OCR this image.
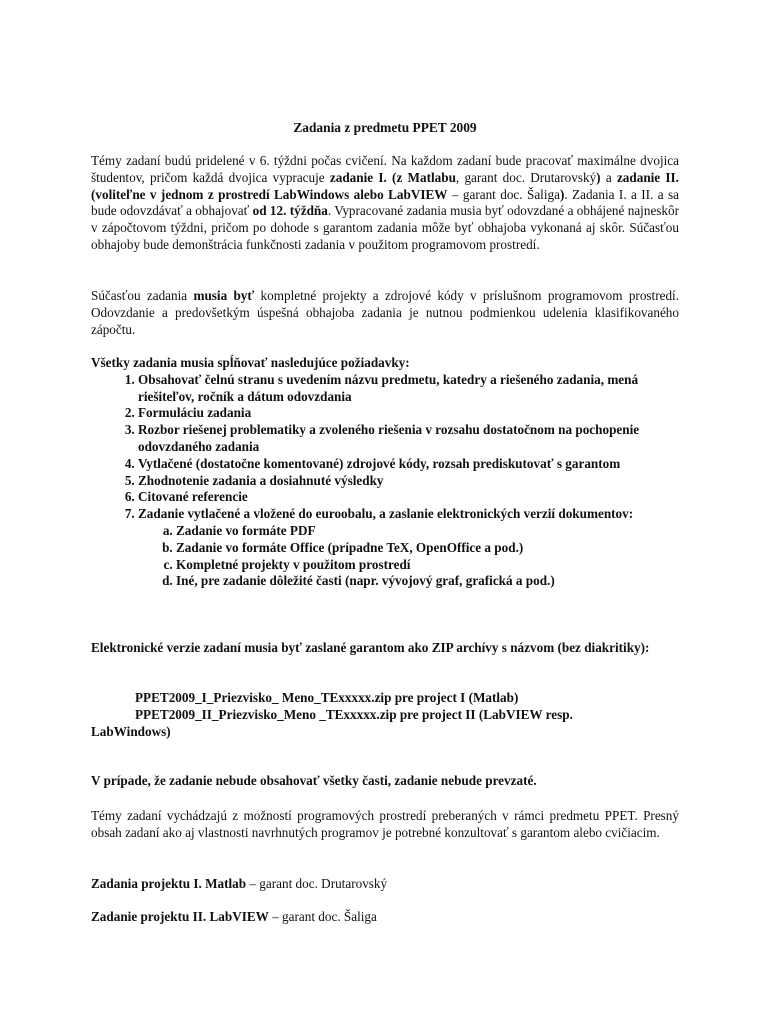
Zadania z predmetu PPET 2009

Témy zadaní budú pridelené v 6. týždni počas cvičení. Na každom zadaní bude pracovať maximálne dvojica študentov, pričom každá dvojica vypracuje zadanie I. (z Matlabu, garant doc. Drutarovský) a zadanie II. (voliteľne v jednom z prostredí LabWindows alebo LabVIEW – garant doc. Šaliga). Zadania I. a II. a sa bude odovzdávať a obhajovať od 12. týždňa. Vypracované zadania musia byť odovzdané a obhájené najneskôr v zápočtovom týždni, pričom po dohode s garantom zadania môže byť obhajoba vykonaná aj skôr. Súčasťou obhajoby bude demonštrácia funkčnosti zadania v použitom programovom prostredí.

Súčasťou zadania musia byť kompletné projekty a zdrojové kódy v príslušnom programovom prostredí. Odovzdanie a predovšetkým úspešná obhajoba zadania je nutnou podmienkou udelenia klasifikovaného zápočtu.

Všetky zadania musia spĺňovať nasledujúce požiadavky:

1. Obsahovať čelnú stranu s uvedením názvu predmetu, katedry a riešeného zadania, mená riešiteľov, ročník a dátum odovzdania
2. Formuláciu zadania
3. Rozbor riešenej problematiky a zvoleného riešenia v rozsahu dostatočnom na pochopenie odovzdaného zadania
4. Vytlačené (dostatočne komentované) zdrojové kódy, rozsah prediskutovať s garantom
5. Zhodnotenie zadania a dosiahnuté výsledky
6. Citované referencie
7. Zadanie vytlačené a vložené do euroobalu, a zaslanie elektronických verzií dokumentov:
a. Zadanie vo formáte PDF
b. Zadanie vo formáte Office (prípadne TeX, OpenOffice a pod.)
c. Kompletné projekty v použitom prostredí
d. Iné, pre zadanie dôležité časti (napr. vývojový graf, grafická a pod.)

Elektronické verzie zadaní musia byť zaslané garantom ako ZIP archívy s názvom (bez diakritiky):

PPET2009_I_Priezvisko_ Meno_TExxxxx.zip pre project I (Matlab)

PPET2009_II_Priezvisko_Meno _TExxxxx.zip pre project II (LabVIEW resp.

LabWindows)

V prípade, že zadanie nebude obsahovať všetky časti, zadanie nebude prevzaté.

Témy zadaní vychádzajú z možností programových prostredí preberaných v rámci predmetu PPET. Presný obsah zadaní ako aj vlastnosti navrhnutých programov je potrebné konzultovať s garantom alebo cvičiacim.

Zadania projektu I. Matlab – garant doc. Drutarovský

Zadanie projektu II. LabVIEW – garant doc. Šaliga
